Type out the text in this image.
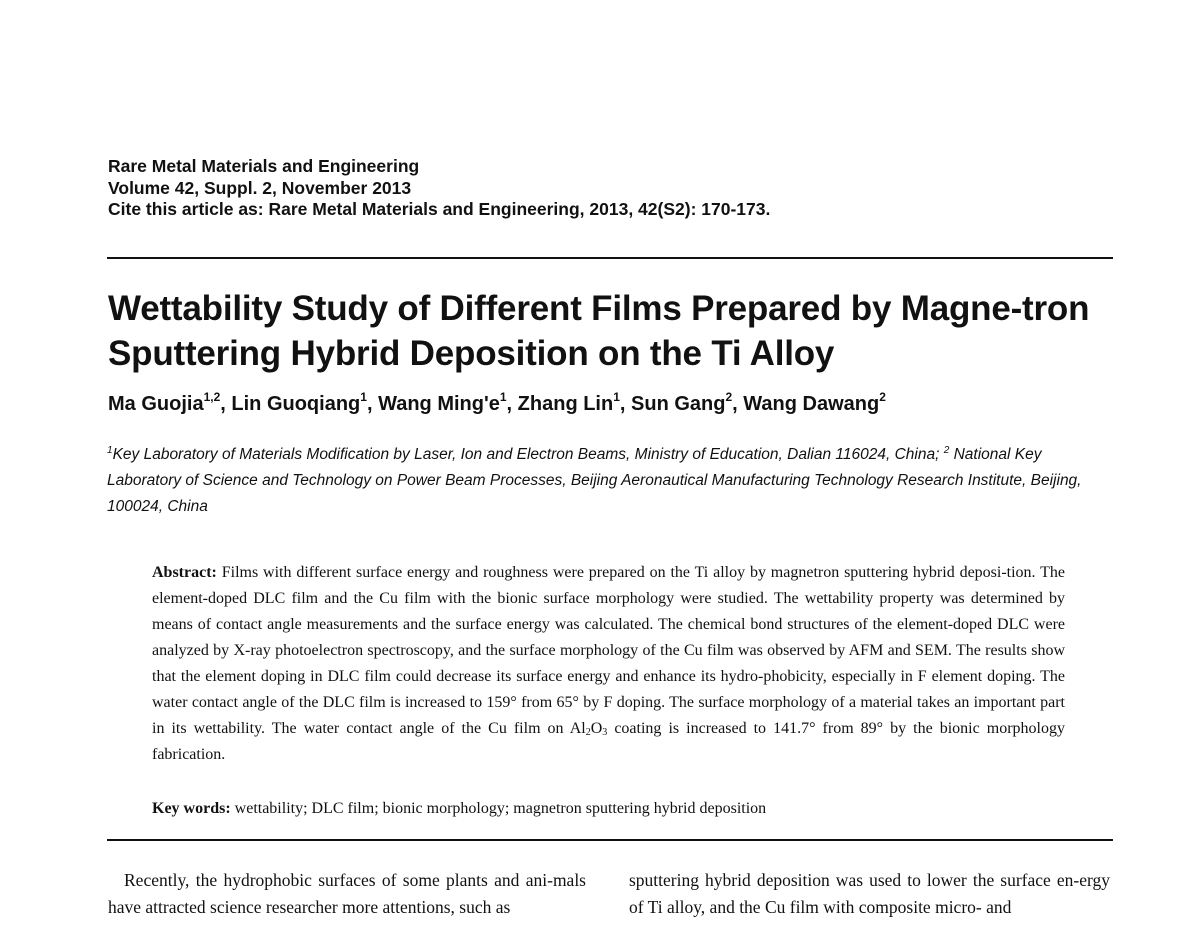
Rare Metal Materials and Engineering
Volume 42, Suppl. 2, November 2013
Cite this article as: Rare Metal Materials and Engineering, 2013, 42(S2): 170-173.
Wettability Study of Different Films Prepared by Magne-tron Sputtering Hybrid Deposition on the Ti Alloy
Ma Guojia$^{1,2}$, Lin Guoqiang$^1$, Wang $Ming'e^1$, Zhang Lin$^1$, Sun Gang$^2$, Wang Dawang$^2$
$^1$Key Laboratory of Materials Modification by Laser, Ion and Electron Beams, Ministry of Education, Dalian 116024, China; $^2$ National Key Laboratory of Science and Technology on Power Beam Processes, Beijing Aeronautical Manufacturing Technology Research Institute, Beijing, 100024, China
Abstract: Films with different surface energy and roughness were prepared on the Ti alloy by magnetron sputtering hybrid deposi-tion. The element-doped DLC film and the Cu film with the bionic surface morphology were studied. The wettability property was determined by means of contact angle measurements and the surface energy was calculated. The chemical bond structures of the element-doped DLC were analyzed by X-ray photoelectron spectroscopy, and the surface morphology of the Cu film was observed by AFM and SEM. The results show that the element doping in DLC film could decrease its surface energy and enhance its hydro-phobicity, especially in F element doping. The water contact angle of the DLC film is increased to 159° from 65° by F doping. The surface morphology of a material takes an important part in its wettability. The water contact angle of the Cu film on $Al_2O_3$ coating is increased to 141.7° from 89° by the bionic morphology fabrication.
Key words: wettability; DLC film; bionic morphology; magnetron sputtering hybrid deposition
Recently, the hydrophobic surfaces of some plants and ani-mals have attracted science researcher more attentions, such as
sputtering hybrid deposition was used to lower the surface en-ergy of Ti alloy, and the Cu film with composite micro- and
